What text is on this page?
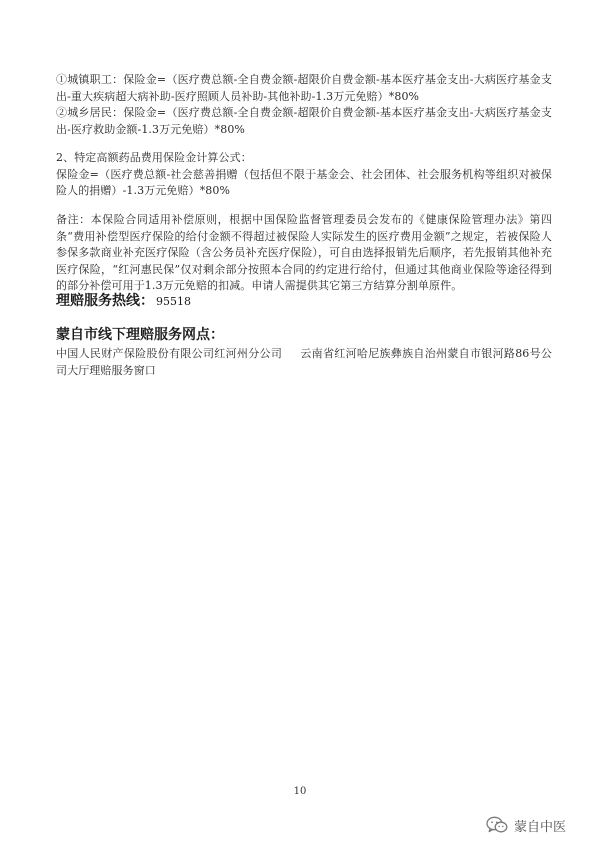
①城镇职工：保险金=（医疗费总额-全自费金额-超限价自费金额-基本医疗基金支出-大病医疗基金支出-重大疾病超大病补助-医疗照顾人员补助-其他补助-1.3万元免赔）*80%

②城乡居民：保险金=（医疗费总额-全自费金额-超限价自费金额-基本医疗基金支出-大病医疗基金支出-医疗救助金额-1.3万元免赔）*80%

2、特定高额药品费用保险金计算公式：

保险金=（医疗费总额-社会慈善捐赠（包括但不限于基金会、社会团体、社会服务机构等组织对被保险人的捐赠）-1.3万元免赔）*80%

备注：本保险合同适用补偿原则，根据中国保险监督管理委员会发布的《健康保险管理办法》第四条“费用补偿型医疗保险的给付金额不得超过被保险人实际发生的医疗费用金额”之规定，若被保险人参保多款商业补充医疗保险（含公务员补充医疗保险），可自由选择报销先后顺序，若先报销其他补充医疗保险，“红河惠民保”仅对剩余部分按照本合同的约定进行给付，但通过其他商业保险等途径得到的部分补偿可用于1.3万元免赔的扣减。申请人需提供其它第三方结算分割单原件。

理赔服务热线： 95518
蒙自市线下理赔服务网点：
中国人民财产保险股份有限公司红河州分公司 云南省红河哈尼族彝族自治州蒙自市银河路86号公司大厅理赔服务窗口
10
蒙自中医
